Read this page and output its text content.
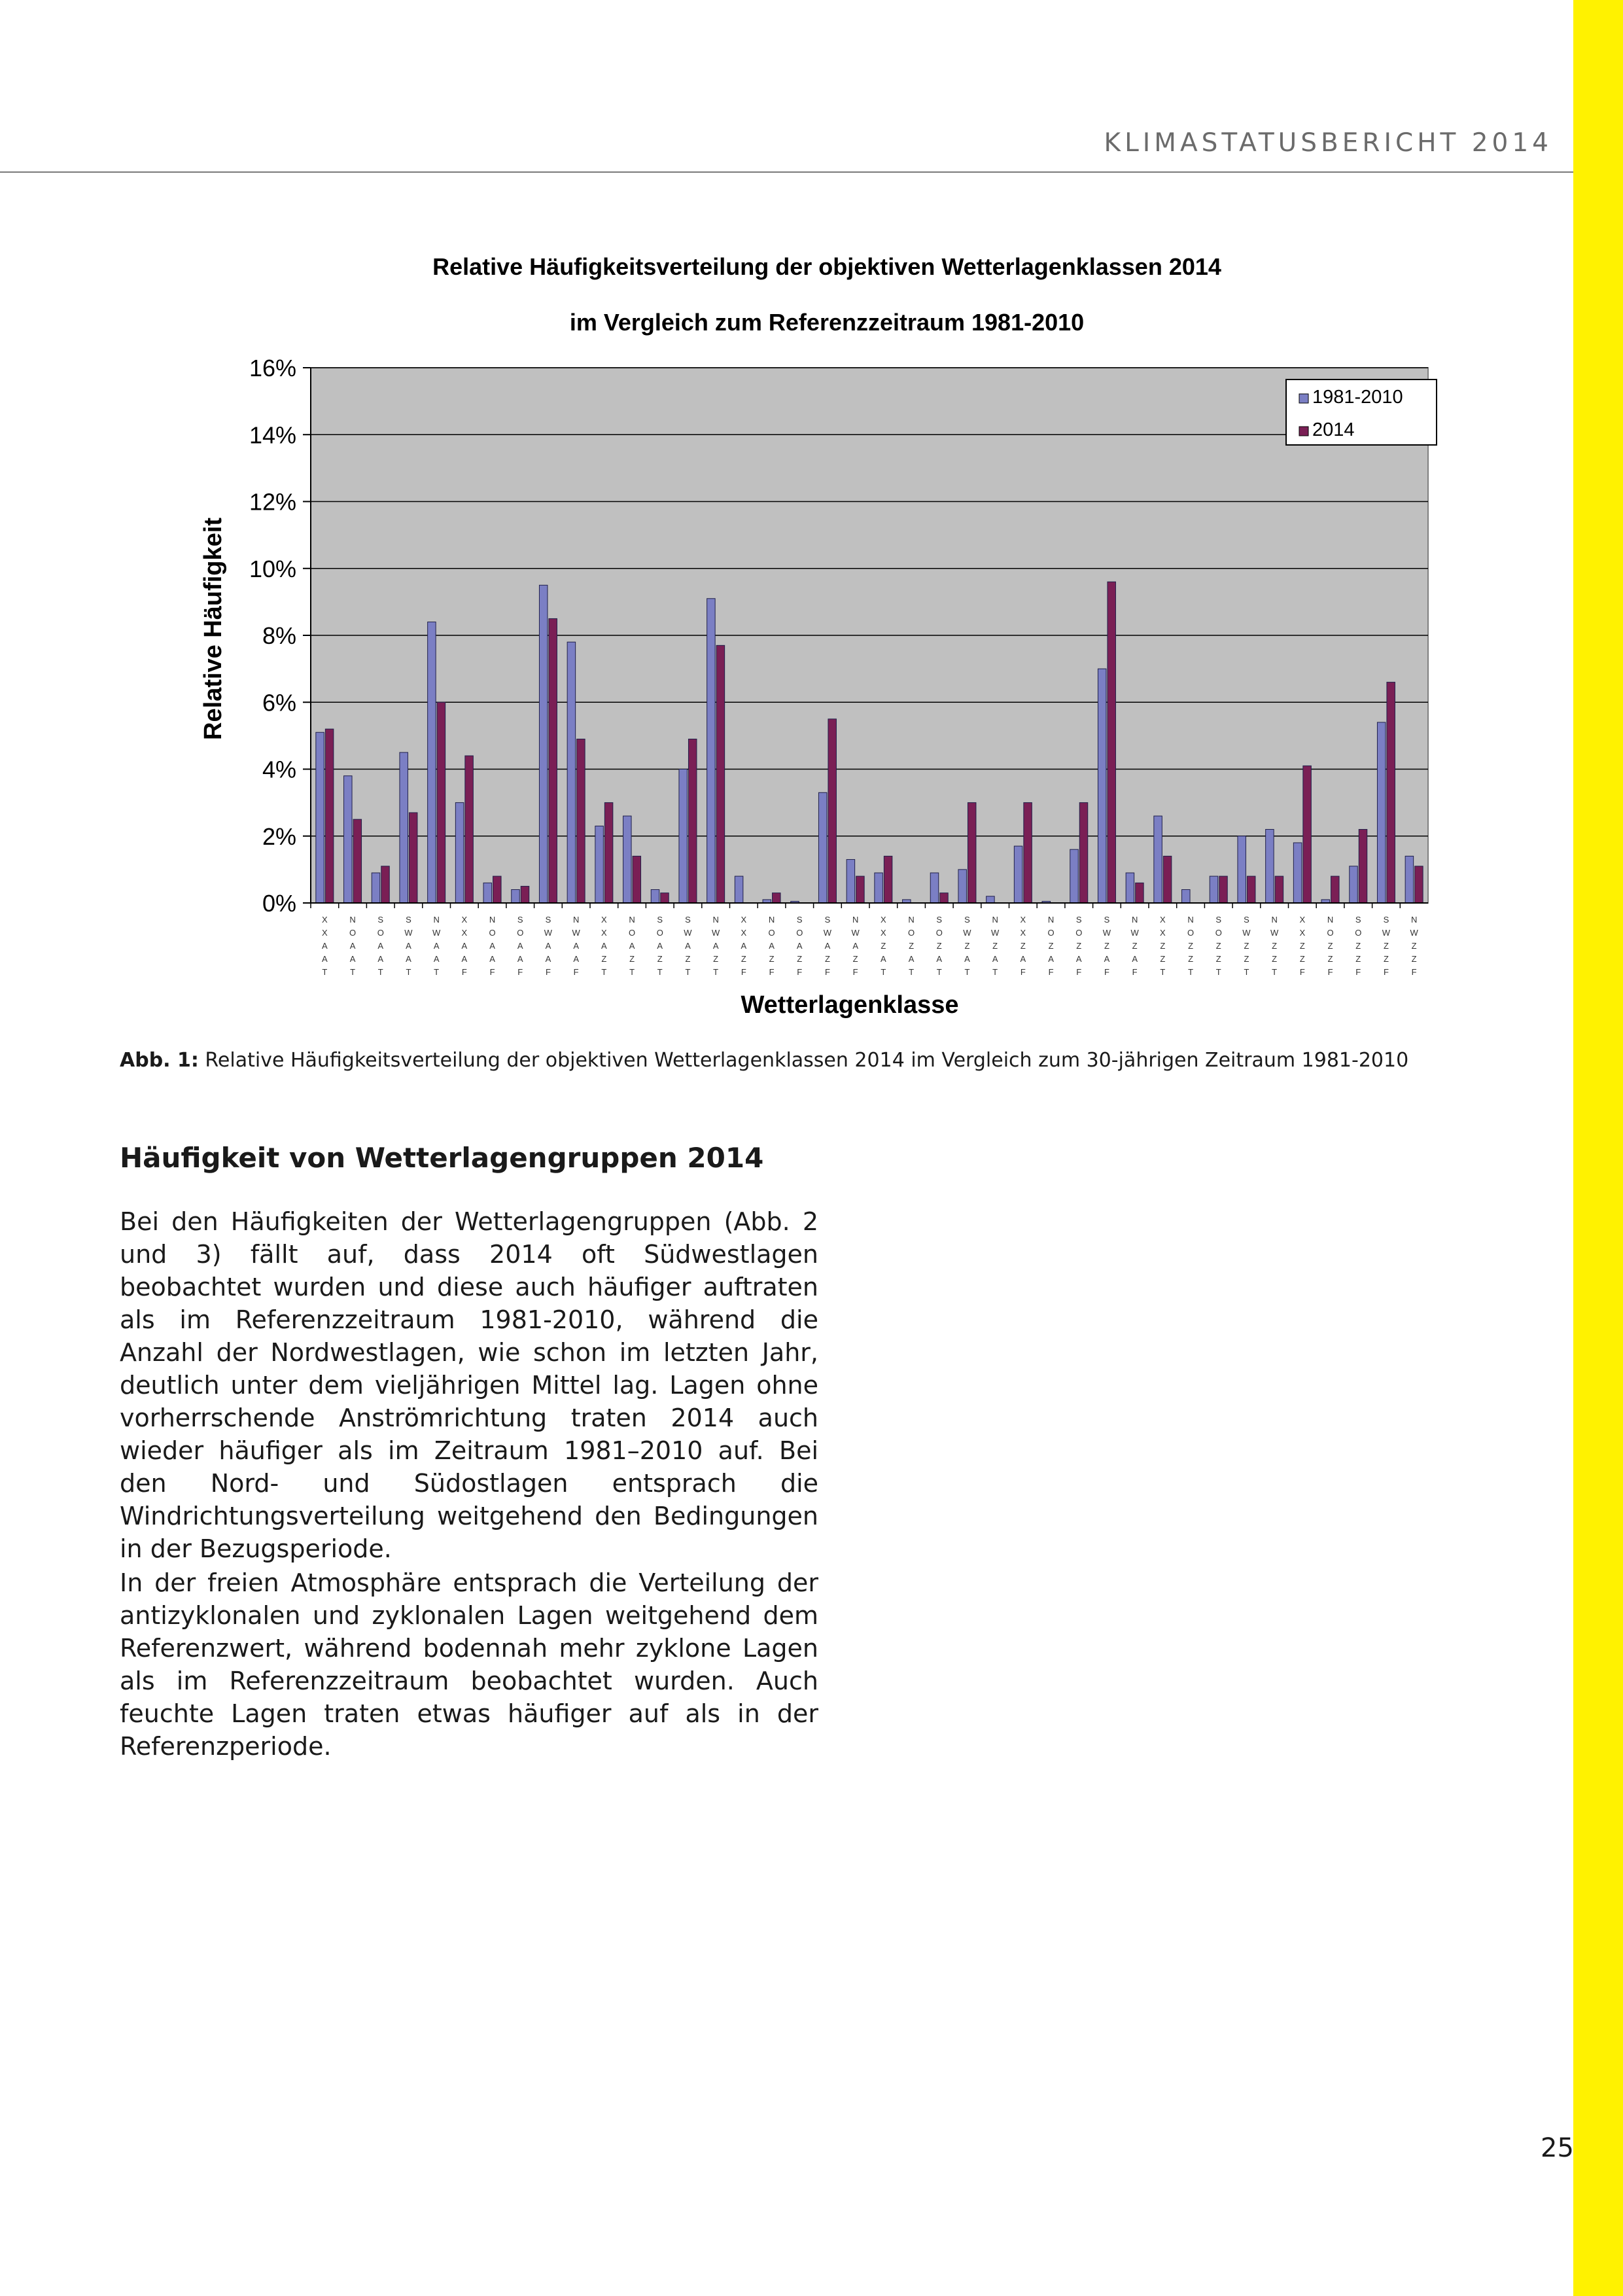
KLIMASTATUSBERICHT 2014
Relative Häufigkeitsverteilung der objektiven Wetterlagenklassen 2014
im Vergleich zum Referenzzeitraum 1981-2010
0%
2%
4%
6%
8%
10%
12%
14%
16%
Relative Häufigkeit
X X A A T
N O A A T
S O A A T
S W A A T
N W A A T
X X A A F
N O A A F
S O A A F
S W A A F
N W A A F
X X A Z T
N O A Z T
S O A Z T
S W A Z T
N W A Z T
X X A Z F
N O A Z F
S O A Z F
S W A Z F
N W A Z F
X X Z A T
N O Z A T
S O Z A T
S W Z A T
N W Z A T
X X Z A F
N O Z A F
S O Z A F
S W Z A F
N W Z A F
X X Z Z T
N O Z Z T
S O Z Z T
S W Z Z T
N W Z Z T
X X Z Z F
N O Z Z F
S O Z Z F
S W Z Z F
N W Z Z F
Wetterlagenklasse
1981-2010
2014
Abb. 1: Relative Häufigkeitsverteilung der objektiven Wetterlagenklassen 2014 im Vergleich zum 30-jährigen Zeitraum 1981-2010
Häufigkeit von Wetterlagengruppen 2014
Bei den Häufigkeiten der Wetterlagengruppen (Abb. 2 und 3) fällt auf, dass 2014 oft Südwestlagen beobachtet wurden und diese auch häufiger auftraten als im Referenzzeitraum 1981-2010, während die Anzahl der Nordwestlagen, wie schon im letzten Jahr, deutlich unter dem vieljährigen Mittel lag. Lagen ohne vorherrschende Anströmrichtung traten 2014 auch wieder häufiger als im Zeitraum 1981–2010 auf. Bei den Nord- und Südostlagen entsprach die Windrichtungsverteilung weitgehend den Bedingungen in der Bezugsperiode.
In der freien Atmosphäre entsprach die Verteilung der antizyklonalen und zyklonalen Lagen weitgehend dem Referenzwert, während bodennah mehr zyklone Lagen als im Referenzzeitraum beobachtet wurden. Auch feuchte Lagen traten etwas häufiger auf als in der Referenzperiode.
25
